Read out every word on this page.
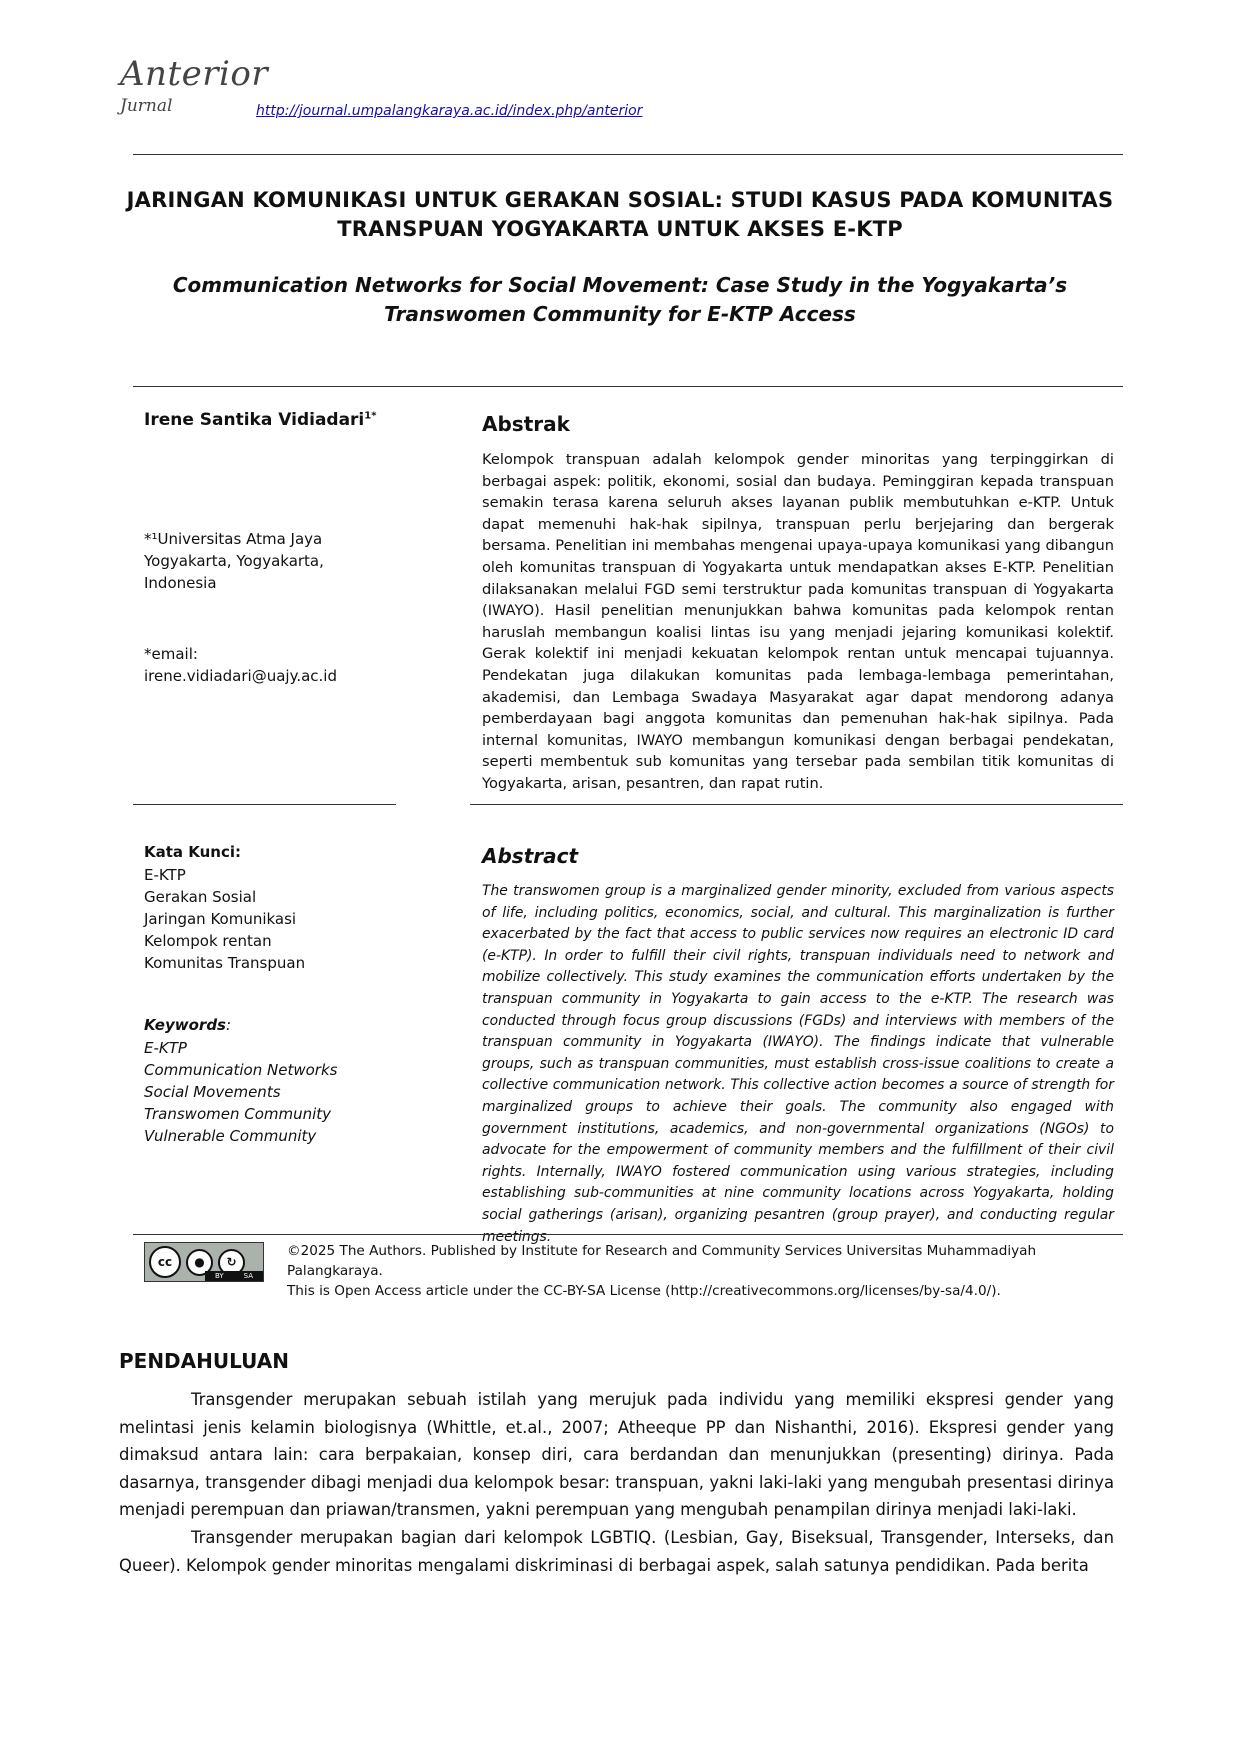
Anterior
Jurnal	http://journal.umpalangkaraya.ac.id/index.php/anterior
JARINGAN KOMUNIKASI UNTUK GERAKAN SOSIAL: STUDI KASUS PADA KOMUNITAS TRANSPUAN YOGYAKARTA UNTUK AKSES E-KTP
Communication Networks for Social Movement: Case Study in the Yogyakarta’s Transwomen Community for E-KTP Access
Irene Santika Vidiadari$^{1*}$
*¹Universitas Atma Jaya Yogyakarta, Yogyakarta, Indonesia
*email:
irene.vidiadari@uajy.ac.id
Kata Kunci:
E-KTP
Gerakan Sosial
Jaringan Komunikasi
Kelompok rentan
Komunitas Transpuan
Keywords:
E-KTP
Communication Networks
Social Movements
Transwomen Community
Vulnerable Community
Abstrak
Kelompok transpuan adalah kelompok gender minoritas yang terpinggirkan di berbagai aspek: politik, ekonomi, sosial dan budaya. Peminggiran kepada transpuan semakin terasa karena seluruh akses layanan publik membutuhkan e-KTP. Untuk dapat memenuhi hak-hak sipilnya, transpuan perlu berjejaring dan bergerak bersama. Penelitian ini membahas mengenai upaya-upaya komunikasi yang dibangun oleh komunitas transpuan di Yogyakarta untuk mendapatkan akses E-KTP. Penelitian dilaksanakan melalui FGD semi terstruktur pada komunitas transpuan di Yogyakarta (IWAYO). Hasil penelitian menunjukkan bahwa komunitas pada kelompok rentan haruslah membangun koalisi lintas isu yang menjadi jejaring komunikasi kolektif. Gerak kolektif ini menjadi kekuatan kelompok rentan untuk mencapai tujuannya. Pendekatan juga dilakukan komunitas pada lembaga-lembaga pemerintahan, akademisi, dan Lembaga Swadaya Masyarakat agar dapat mendorong adanya pemberdayaan bagi anggota komunitas dan pemenuhan hak-hak sipilnya. Pada internal komunitas, IWAYO membangun komunikasi dengan berbagai pendekatan, seperti membentuk sub komunitas yang tersebar pada sembilan titik komunitas di Yogyakarta, arisan, pesantren, dan rapat rutin.
Abstract
The transwomen group is a marginalized gender minority, excluded from various aspects of life, including politics, economics, social, and cultural. This marginalization is further exacerbated by the fact that access to public services now requires an electronic ID card (e-KTP). In order to fulfill their civil rights, transpuan individuals need to network and mobilize collectively. This study examines the communication efforts undertaken by the transpuan community in Yogyakarta to gain access to the e-KTP. The research was conducted through focus group discussions (FGDs) and interviews with members of the transpuan community in Yogyakarta (IWAYO). The findings indicate that vulnerable groups, such as transpuan communities, must establish cross-issue coalitions to create a collective communication network. This collective action becomes a source of strength for marginalized groups to achieve their goals. The community also engaged with government institutions, academics, and non-governmental organizations (NGOs) to advocate for the empowerment of community members and the fulfillment of their civil rights. Internally, IWAYO fostered communication using various strategies, including establishing sub-communities at nine community locations across Yogyakarta, holding social gatherings (arisan), organizing pesantren (group prayer), and conducting regular meetings.
cc	●	↻
BY	SA
©2025 The Authors. Published by Institute for Research and Community Services Universitas Muhammadiyah Palangkaraya.
This is Open Access article under the CC-BY-SA License (http://creativecommons.org/licenses/by-sa/4.0/).
PENDAHULUAN
Transgender merupakan sebuah istilah yang merujuk pada individu yang memiliki ekspresi gender yang melintasi jenis kelamin biologisnya (Whittle, et.al., 2007; Atheeque PP dan Nishanthi, 2016). Ekspresi gender yang dimaksud antara lain: cara berpakaian, konsep diri, cara berdandan dan menunjukkan (presenting) dirinya. Pada dasarnya, transgender dibagi menjadi dua kelompok besar: transpuan, yakni laki-laki yang mengubah presentasi dirinya menjadi perempuan dan priawan/transmen, yakni perempuan yang mengubah penampilan dirinya menjadi laki-laki.
Transgender merupakan bagian dari kelompok LGBTIQ. (Lesbian, Gay, Biseksual, Transgender, Interseks, dan Queer). Kelompok gender minoritas mengalami diskriminasi di berbagai aspek, salah satunya pendidikan. Pada berita
